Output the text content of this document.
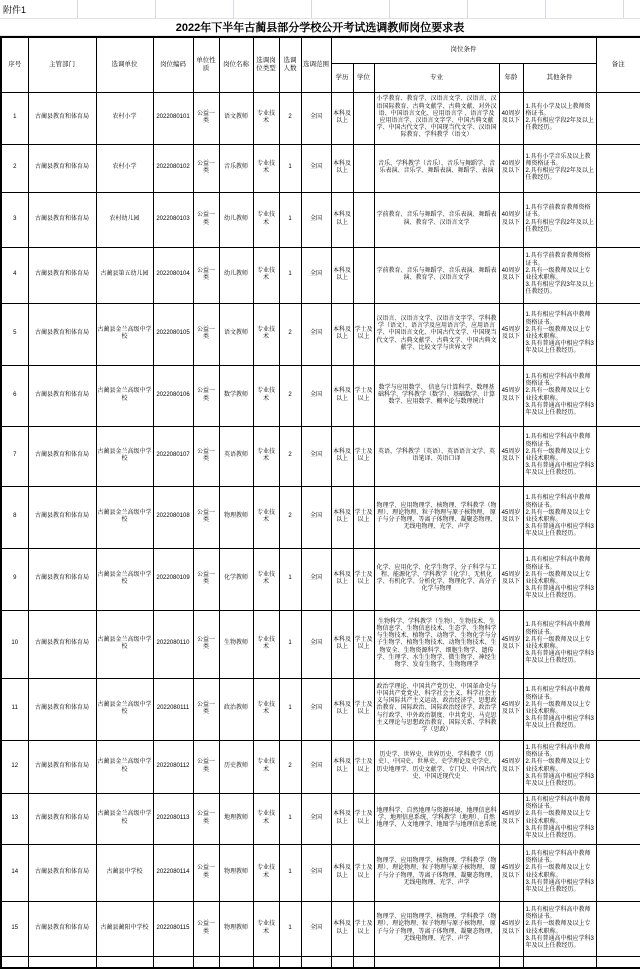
附件1
2022年下半年古蔺县部分学校公开考试选调教师岗位要求表
序号	主管部门	选调单位	岗位编码	单位性质	岗位名称	选调岗位类型	选调人数	选调范围	岗位条件					备注
									学历	学位	专业	年龄	其他条件	
1	古蔺县教育和体育局	农村小学	2022080101	公益一类	语文教师	专业技术	2	全国	本科及以上		小学教育、教育学、汉语言文学、汉语言、汉语国际教育、古典文献学、古典文献、对外汉语、中国语言文化、应用语言学 、语言学及应用语言学、汉语言文字学、中国古典文献学、中国古代文学、中国现当代文学、汉语国际教育、学科教学（语文）	40周岁及以下	1.具有小学及以上教师资格证书。
2.具有相应学段2年及以上任教经历。	

2	古蔺县教育和体育局	农村小学	2022080102	公益一类	音乐教师	专业技术	1	全国	本科及以上		音乐、学科教学（音乐）、音乐与舞蹈学、音乐表演、音乐学、舞蹈表演、舞蹈学、表演	40周岁及以下	1.具有小学音乐及以上教师资格证书。
2.具有相应学段2年及以上任教经历。	

3	古蔺县教育和体育局	农村幼儿园	2022080103	公益一类	幼儿教师	专业技术	1	全国	本科及以上		学前教育、音乐与舞蹈学、音乐表演、舞蹈表演、教育学、汉语言文学	40周岁及以下	1.具有学前教育教师资格证书。
2.具有相应学段2年及以上任教经历。	

4	古蔺县教育和体育局	古蔺县第五幼儿园	2022080104	公益一类	幼儿教师	专业技术	1	全国	本科及以上		学前教育、音乐与舞蹈学、音乐表演、舞蹈表演、教育学、汉语言文学	40周岁及以下	1.具有学前教育教师资格证书。
2.具有一级教师及以上专业技术职称。
3.具有相应学段3年及以上任教经历。	

5	古蔺县教育和体育局	古蔺县金兰高级中学校	2022080105	公益一类	语文教师	专业技术	2	全国	本科及以上	学士及以上	汉语言、汉语言文学、汉语言文字学、学科教学（语文）、语言学及应用语言学、应用语言学、中国语言文化、中国古代文学、中国现当代文学、古典文献学、古典文学、中国古典文献学、比较文学与世界文学	45周岁及以下	1.具有相应学科高中教师资格证书。
2.具有一级教师及以上专业技术职称。
3.具有普通高中相应学科3年及以上任教经历。	

6	古蔺县教育和体育局	古蔺县金兰高级中学校	2022080106	公益一类	数学教师	专业技术	2	全国	本科及以上	学士及以上	数学与应用数学、 信息与计算科学、数理基础科学、学科教学（数学）、基础数学、计算数学、应用数学、概率论与数理统计	45周岁及以下	1.具有相应学科高中教师资格证书。
2.具有一级教师及以上专业技术职称。
3.具有普通高中相应学科3年及以上任教经历。	

7	古蔺县教育和体育局	古蔺县金兰高级中学校	2022080107	公益一类	英语教师	专业技术	2	全国	本科及以上	学士及以上	英语、学科教学（英语）、英语语言文学、英语笔译、英语口译	45周岁及以下	1.具有相应学科高中教师资格证书。
2.具有一级教师及以上专业技术职称。
3.具有普通高中相应学科3年及以上任教经历。	

8	古蔺县教育和体育局	古蔺县金兰高级中学校	2022080108	公益一类	物理教师	专业技术	2	全国	本科及以上	学士及以上	物理学、应用物理学、核物理、学科教学（物理）、理论物理、粒子物理与原子核物理、 原子与分子物理、等离子体物理、凝聚态物理、无线电物理、光学、声学	45周岁及以下	1.具有相应学科高中教师资格证书。
2.具有一级教师及以上专业技术职称。
3.具有普通高中相应学科3年及以上任教经历。	

9	古蔺县教育和体育局	古蔺县金兰高级中学校	2022080109	公益一类	化学教师	专业技术	1	全国	本科及以上	学士及以上	化学、应用化学、化学生物学、分子科学与工程、能源化学、学科教学（化学）、无机化学、有机化学、分析化学、物理化学、高分子化学与物理	45周岁及以下	1.具有相应学科高中教师资格证书。
2.具有一级教师及以上专业技术职称。
3.具有普通高中相应学科3年及以上任教经历。	

10	古蔺县教育和体育局	古蔺县金兰高级中学校	2022080110	公益一类	生物教师	专业技术	1	全国	本科及以上	学士及以上	生物科学、学科教学（生物）、生物技术、生物信息学、生物信息技术、生态学、生物科学与生物技术、植物学、动物学、生物化学与分子生物学、植物生物技术、动物生物技术、生物安全、生物资源科学、细胞生物学、遗传学、生理学、水生生物学、微生物学、神经生物学、发育生物学、生物物理学	45周岁及以下	1.具有相应学科高中教师资格证书。
2.具有一级教师及以上专业技术职称。
3.具有普通高中相应学科3年及以上任教经历。	

11	古蔺县教育和体育局	古蔺县金兰高级中学校	2022080111	公益一类	政治教师	专业技术	1	全国	本科及以上	学士及以上	政治学理论、中国共产党历史、中国革命史与中国共产党党史、科学社会主义、科学社会主义与国际共产主义运动、政治经济学、思想政治教育、国际政治、国际政治经济学、政治学与行政学、中外政治制度、中共党史、马克思主义理论与思想政治教育、国际关系、学科教学（思政）	45周岁及以下	1.具有相应学科高中教师资格证书。
2.具有一级教师及以上专业技术职称。
3.具有普通高中相应学科3年及以上任教经历。	

12	古蔺县教育和体育局	古蔺县金兰高级中学校	2022080112	公益一类	历史教师	专业技术	2	全国	本科及以上	学士及以上	历史学、世界史、世界历史、学科教学（历史）、中国史、世界史、史学理论及史学史、历史地理学、历史文献学、专门史、中国古代史、中国近现代史	45周岁及以下	1.具有相应学科高中教师资格证书。
2.具有一级教师及以上专业技术职称。
3.具有普通高中相应学科3年及以上任教经历。	

13	古蔺县教育和体育局	古蔺县金兰高级中学校	2022080113	公益一类	地理教师	专业技术	1	全国	本科及以上	学士及以上	地理科学、自然地理与资源环境、地理信息科学、地理信息系统、学科教学（地理）、自然地理学、人文地理学、地图学与地理信息系统	45周岁及以下	1.具有相应学科高中教师资格证书。
2.具有一级教师及以上专业技术职称。
3.具有普通高中相应学科3年及以上任教经历。	

14	古蔺县教育和体育局	古蔺县中学校	2022080114	公益一类	物理教师	专业技术	1	全国	本科及以上	学士及以上	物理学、应用物理学、核物理、学科教学（物理）、理论物理、粒子物理与原子核物理、 原子与分子物理、等离子体物理、凝聚态物理、无线电物理、光学、声学	45周岁及以下	1.具有相应学科高中教师资格证书。
2.具有一级教师及以上专业技术职称。
3.具有普通高中相应学科3年及以上任教经历。	

15	古蔺县教育和体育局	古蔺县蔺阳中学校	2022080115	公益一类	物理教师	专业技术	1	全国	本科及以上	学士及以上	物理学、应用物理学、核物理、学科教学（物理）、理论物理、粒子物理与原子核物理、 原子与分子物理、等离子体物理、凝聚态物理、无线电物理、光学、声学	45周岁及以下	1.具有相应学科高中教师资格证书。
2.具有一级教师及以上专业技术职称。
3.具有普通高中相应学科3年及以上任教经历。	
